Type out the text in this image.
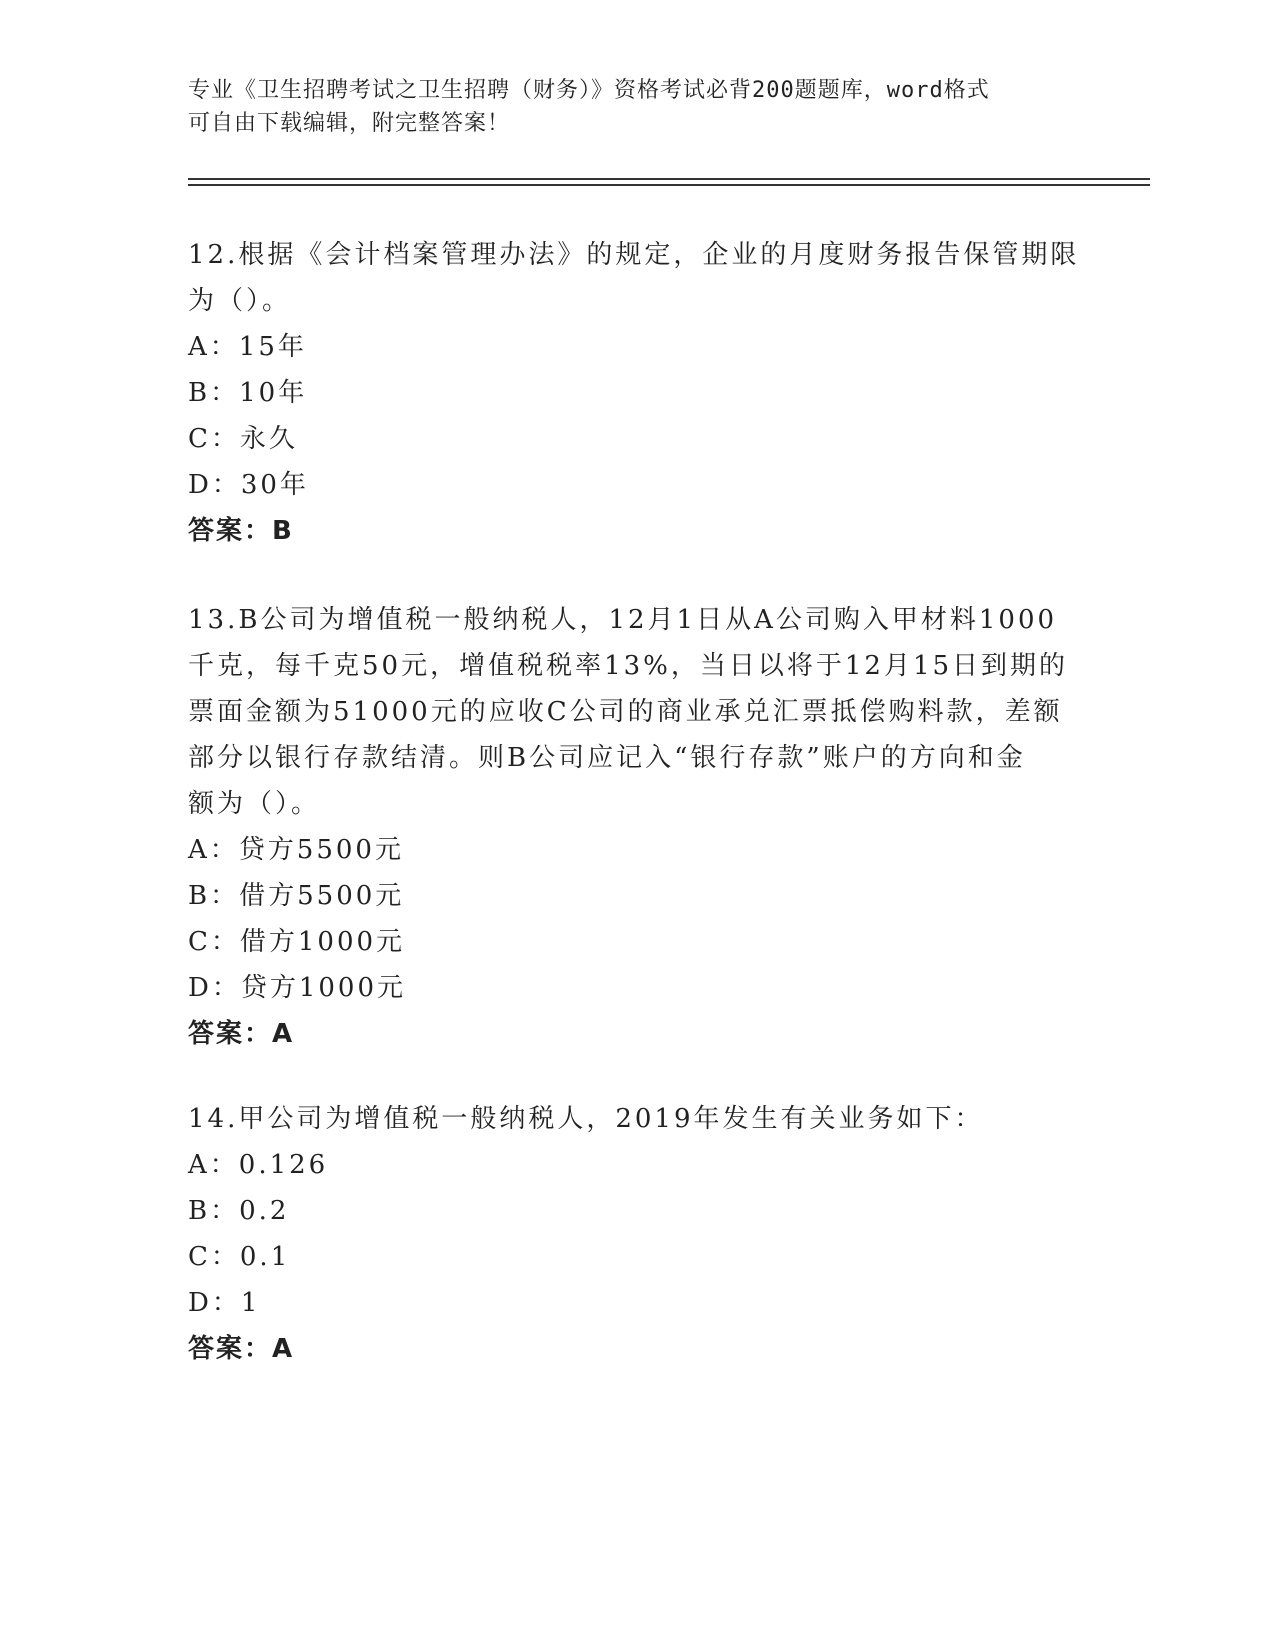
专业《卫生招聘考试之卫生招聘（财务）》资格考试必背200题题库，word格式
可自由下载编辑，附完整答案！
12.根据《会计档案管理办法》的规定，企业的月度财务报告保管期限
为（）。
A：15年
B：10年
C：永久
D：30年
答案：B
13.B公司为增值税一般纳税人，12月1日从A公司购入甲材料1000
千克，每千克50元，增值税税率13%，当日以将于12月15日到期的
票面金额为51000元的应收C公司的商业承兑汇票抵偿购料款，差额
部分以银行存款结清。则B公司应记入“银行存款”账户的方向和金
额为（）。
A：贷方5500元
B：借方5500元
C：借方1000元
D：贷方1000元
答案：A
14.甲公司为增值税一般纳税人，2019年发生有关业务如下：
A：0.126
B：0.2
C：0.1
D：1
答案：A
